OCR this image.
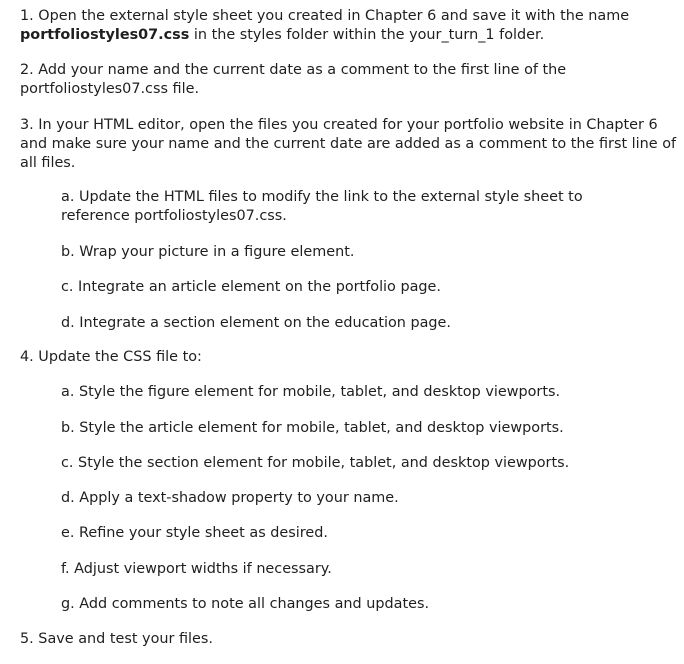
1. Open the external style sheet you created in Chapter 6 and save it with the name
portfoliostyles07.css in the styles folder within the your_turn_1 folder.
2. Add your name and the current date as a comment to the first line of the
portfoliostyles07.css file.
3. In your HTML editor, open the files you created for your portfolio website in Chapter 6
and make sure your name and the current date are added as a comment to the first line of
all files.
a. Update the HTML files to modify the link to the external style sheet to
reference portfoliostyles07.css.
b. Wrap your picture in a figure element.
c. Integrate an article element on the portfolio page.
d. Integrate a section element on the education page.
4. Update the CSS file to:
a. Style the figure element for mobile, tablet, and desktop viewports.
b. Style the article element for mobile, tablet, and desktop viewports.
c. Style the section element for mobile, tablet, and desktop viewports.
d. Apply a text-shadow property to your name.
e. Refine your style sheet as desired.
f. Adjust viewport widths if necessary.
g. Add comments to note all changes and updates.
5. Save and test your files.
